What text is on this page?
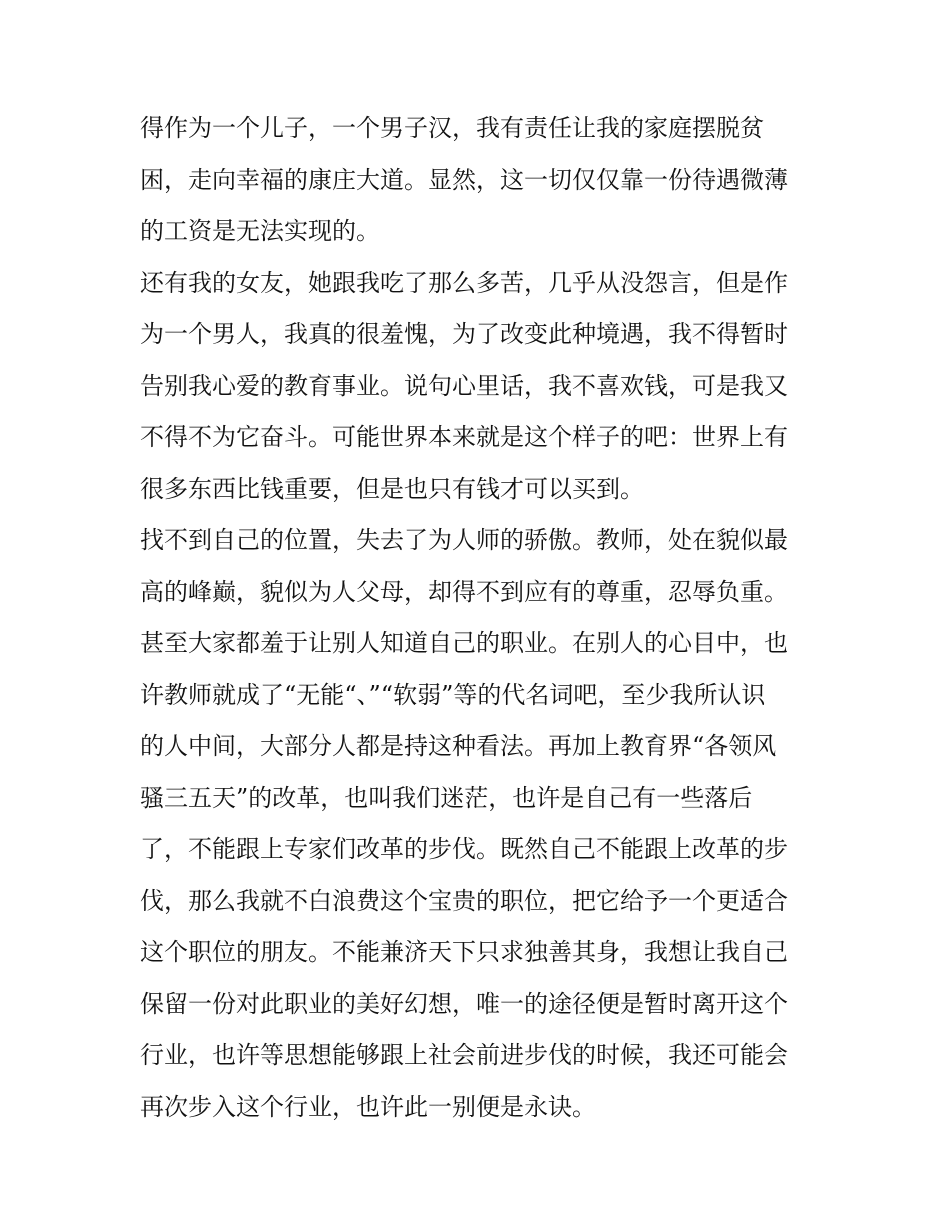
得作为一个儿子，一个男子汉，我有责任让我的家庭摆脱贫
困，走向幸福的康庄大道。显然，这一切仅仅靠一份待遇微薄
的工资是无法实现的。
还有我的女友，她跟我吃了那么多苦，几乎从没怨言，但是作
为一个男人，我真的很羞愧，为了改变此种境遇，我不得暂时
告别我心爱的教育事业。说句心里话，我不喜欢钱，可是我又
不得不为它奋斗。可能世界本来就是这个样子的吧：世界上有
很多东西比钱重要，但是也只有钱才可以买到。
找不到自己的位置，失去了为人师的骄傲。教师，处在貌似最
高的峰巅，貌似为人父母，却得不到应有的尊重，忍辱负重。
甚至大家都羞于让别人知道自己的职业。在别人的心目中，也
许教师就成了“无能“、”“软弱”等的代名词吧，至少我所认识
的人中间，大部分人都是持这种看法。再加上教育界“各领风
骚三五天”的改革，也叫我们迷茫，也许是自己有一些落后
了，不能跟上专家们改革的步伐。既然自己不能跟上改革的步
伐，那么我就不白浪费这个宝贵的职位，把它给予一个更适合
这个职位的朋友。不能兼济天下只求独善其身，我想让我自己
保留一份对此职业的美好幻想，唯一的途径便是暂时离开这个
行业，也许等思想能够跟上社会前进步伐的时候，我还可能会
再次步入这个行业，也许此一别便是永诀。
